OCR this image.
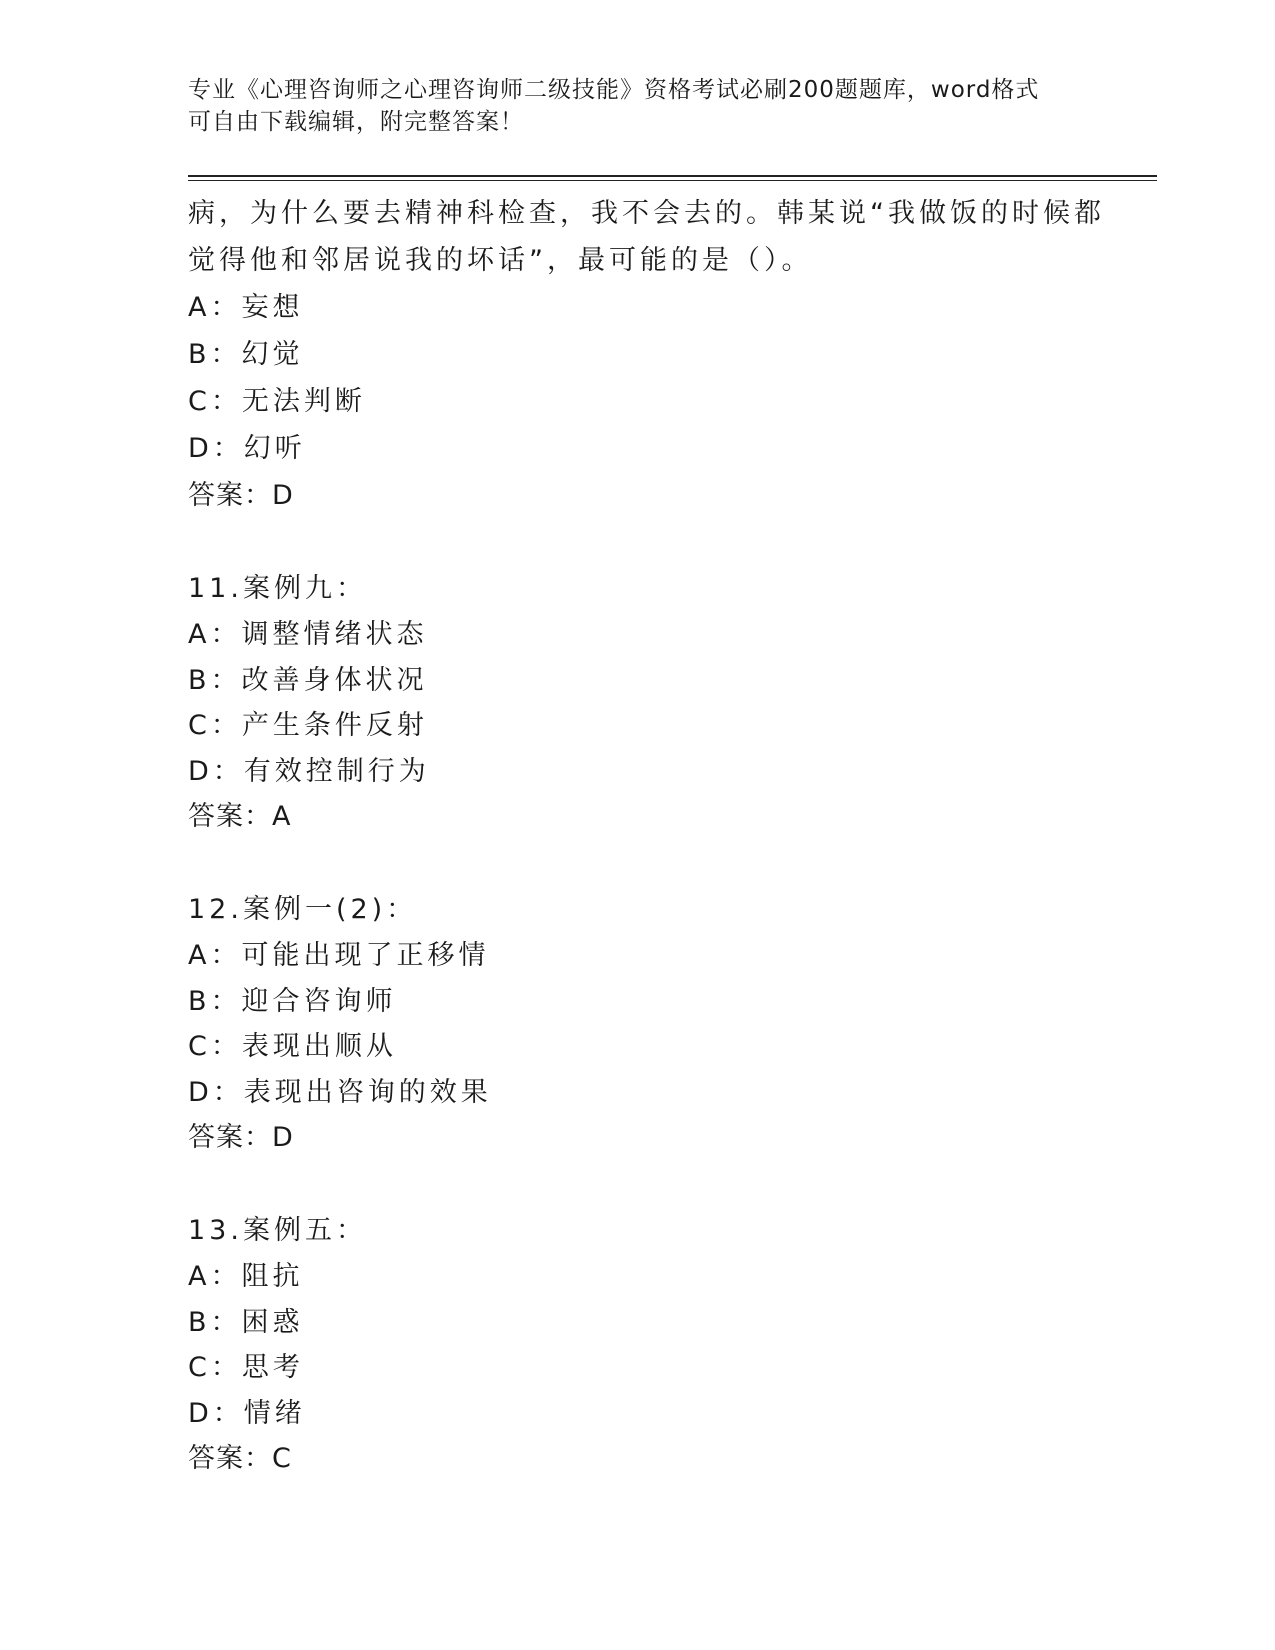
专业《心理咨询师之心理咨询师二级技能》资格考试必刷200题题库，word格式

可自由下载编辑，附完整答案！

病，为什么要去精神科检查，我不会去的。韩某说“我做饭的时候都

觉得他和邻居说我的坏话”，最可能的是（）。

A：妄想

B：幻觉

C：无法判断

D：幻听

答案：D

11.案例九：

A：调整情绪状态

B：改善身体状况

C：产生条件反射

D：有效控制行为

答案：A

12.案例一(2)：

A：可能出现了正移情

B：迎合咨询师

C：表现出顺从

D：表现出咨询的效果

答案：D

13.案例五：

A：阻抗

B：困惑

C：思考

D：情绪

答案：C
